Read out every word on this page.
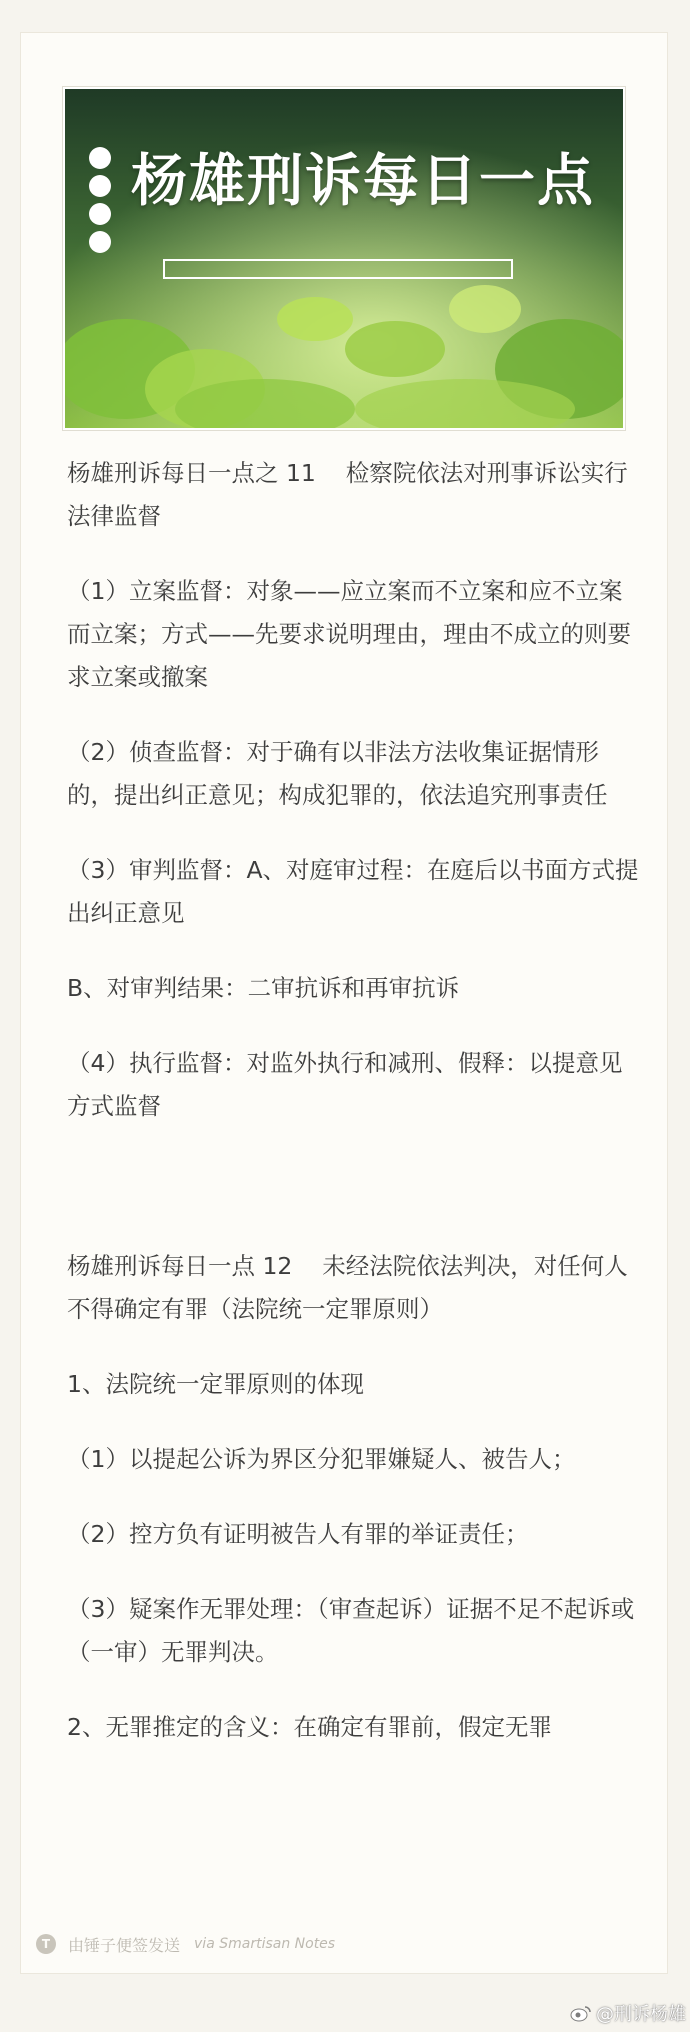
杨雄刑诉每日一点

杨雄刑诉每日一点之 11    检察院依法对刑事诉讼实行法律监督

（1）立案监督：对象——应立案而不立案和应不立案而立案；方式——先要求说明理由，理由不成立的则要求立案或撤案

（2）侦查监督：对于确有以非法方法收集证据情形的，提出纠正意见；构成犯罪的，依法追究刑事责任

（3）审判监督：A、对庭审过程：在庭后以书面方式提出纠正意见

B、对审判结果：二审抗诉和再审抗诉

（4）执行监督：对监外执行和减刑、假释：以提意见方式监督

杨雄刑诉每日一点 12    未经法院依法判决，对任何人不得确定有罪（法院统一定罪原则）

1、法院统一定罪原则的体现

（1）以提起公诉为界区分犯罪嫌疑人、被告人；

（2）控方负有证明被告人有罪的举证责任；

（3）疑案作无罪处理：（审查起诉）证据不足不起诉或（一审）无罪判决。

2、无罪推定的含义：在确定有罪前，假定无罪

T	由锤子便签发送 via Smartisan Notes
@刑诉杨雄
